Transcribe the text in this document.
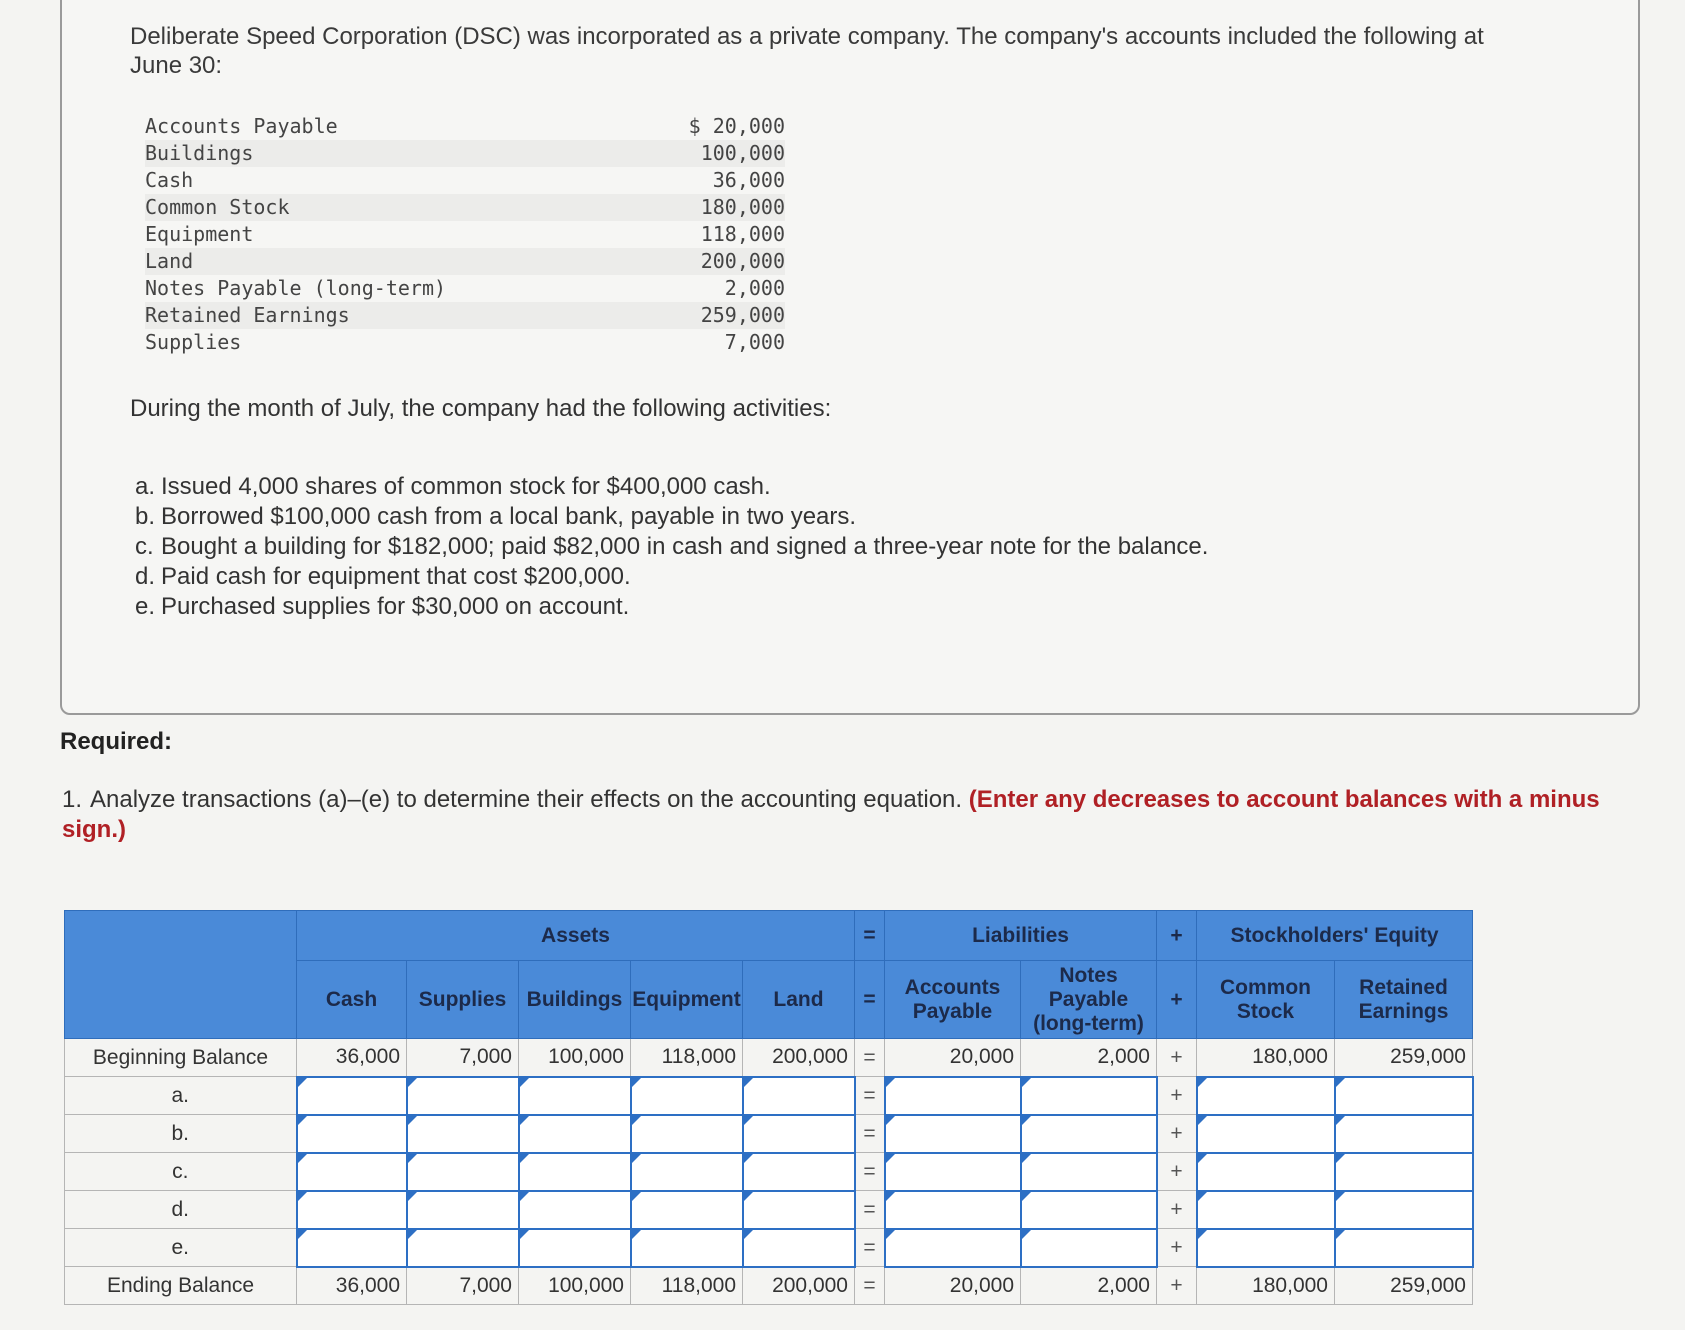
Deliberate Speed Corporation (DSC) was incorporated as a private company. The company's accounts included the following at June 30:

Accounts Payable	$ 20,000
Buildings	100,000
Cash	36,000
Common Stock	180,000
Equipment	118,000
Land	200,000
Notes Payable (long-term)	2,000
Retained Earnings	259,000
Supplies	7,000

During the month of July, the company had the following activities:

a. Issued 4,000 shares of common stock for $400,000 cash.
b. Borrowed $100,000 cash from a local bank, payable in two years.
c. Bought a building for $182,000; paid $82,000 in cash and signed a three-year note for the balance.
d. Paid cash for equipment that cost $200,000.
e. Purchased supplies for $30,000 on account.
Required:
1. Analyze transactions (a)–(e) to determine their effects on the accounting equation. (Enter any decreases to account balances with a minus sign.)
	Assets					=	Liabilities		+	Stockholders' Equity	
	Cash	Supplies	Buildings	Equipment	Land	=	Accounts Payable	Notes Payable (long-term)	+	Common Stock	Retained Earnings
Beginning Balance	36,000	7,000	100,000	118,000	200,000	=	20,000	2,000	+	180,000	259,000
a.						=			+		
b.						=			+		
c.						=			+		
d.						=			+		
e.						=			+		
Ending Balance	36,000	7,000	100,000	118,000	200,000	=	20,000	2,000	+	180,000	259,000
